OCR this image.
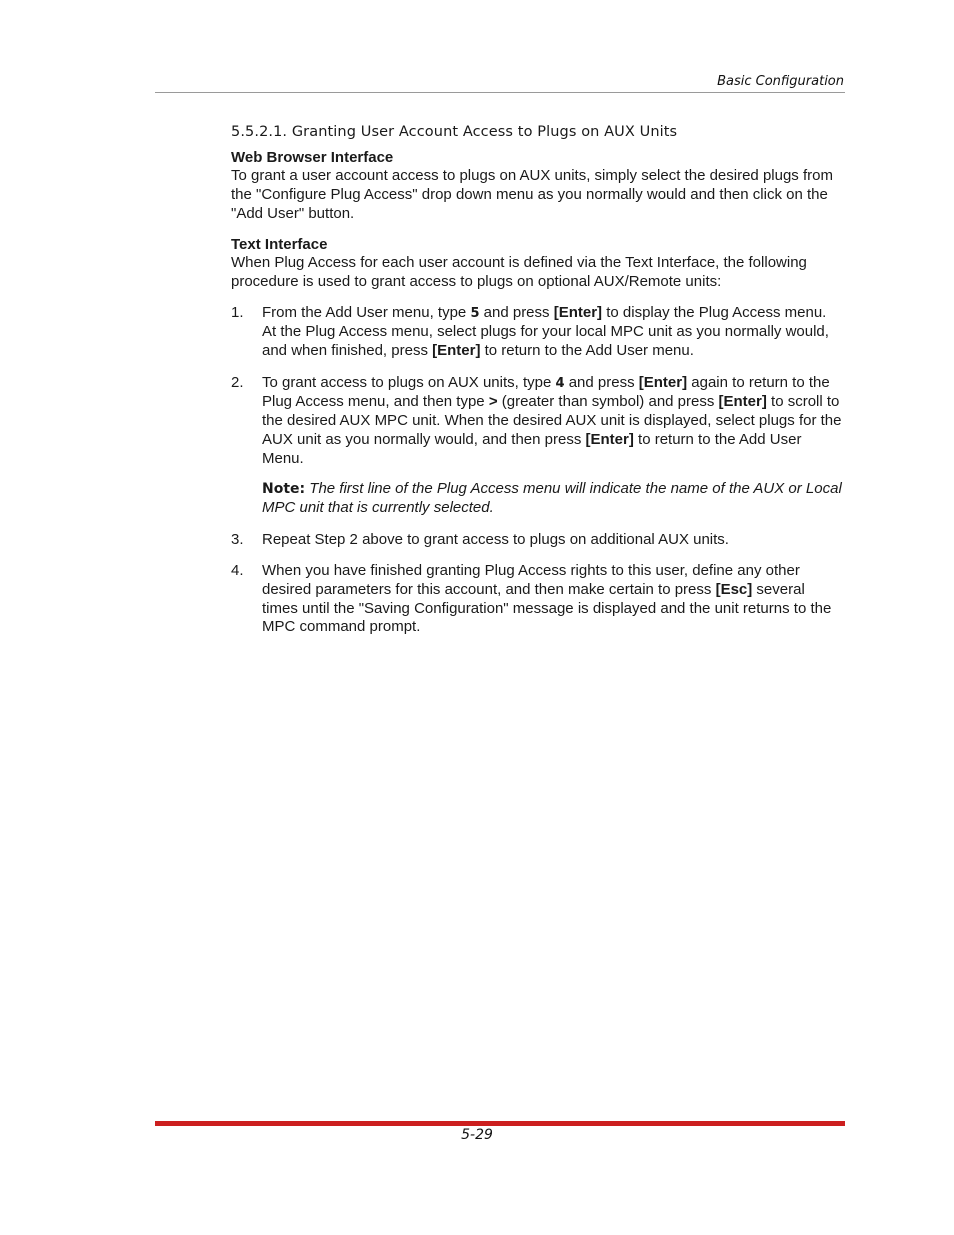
Basic Configuration
5.5.2.1. Granting User Account Access to Plugs on AUX Units

Web Browser Interface

To grant a user account access to plugs on AUX units, simply select the desired plugs from the "Configure Plug Access" drop down menu as you normally would and then click on the "Add User" button.

Text Interface

When Plug Access for each user account is defined via the Text Interface, the following procedure is used to grant access to plugs on optional AUX/Remote units:

1. From the Add User menu, type 5 and press [Enter] to display the Plug Access menu. At the Plug Access menu, select plugs for your local MPC unit as you normally would, and when finished, press [Enter] to return to the Add User menu.
2. To grant access to plugs on AUX units, type 4 and press [Enter] again to return to the Plug Access menu, and then type > (greater than symbol) and press [Enter] to scroll to the desired AUX MPC unit. When the desired AUX unit is displayed, select plugs for the AUX unit as you normally would, and then press [Enter] to return to the Add User Menu.
Note: The first line of the Plug Access menu will indicate the name of the AUX or Local MPC unit that is currently selected.
3. Repeat Step 2 above to grant access to plugs on additional AUX units.
4. When you have finished granting Plug Access rights to this user, define any other desired parameters for this account, and then make certain to press [Esc] several times until the "Saving Configuration" message is displayed and the unit returns to the MPC command prompt.
5-29
